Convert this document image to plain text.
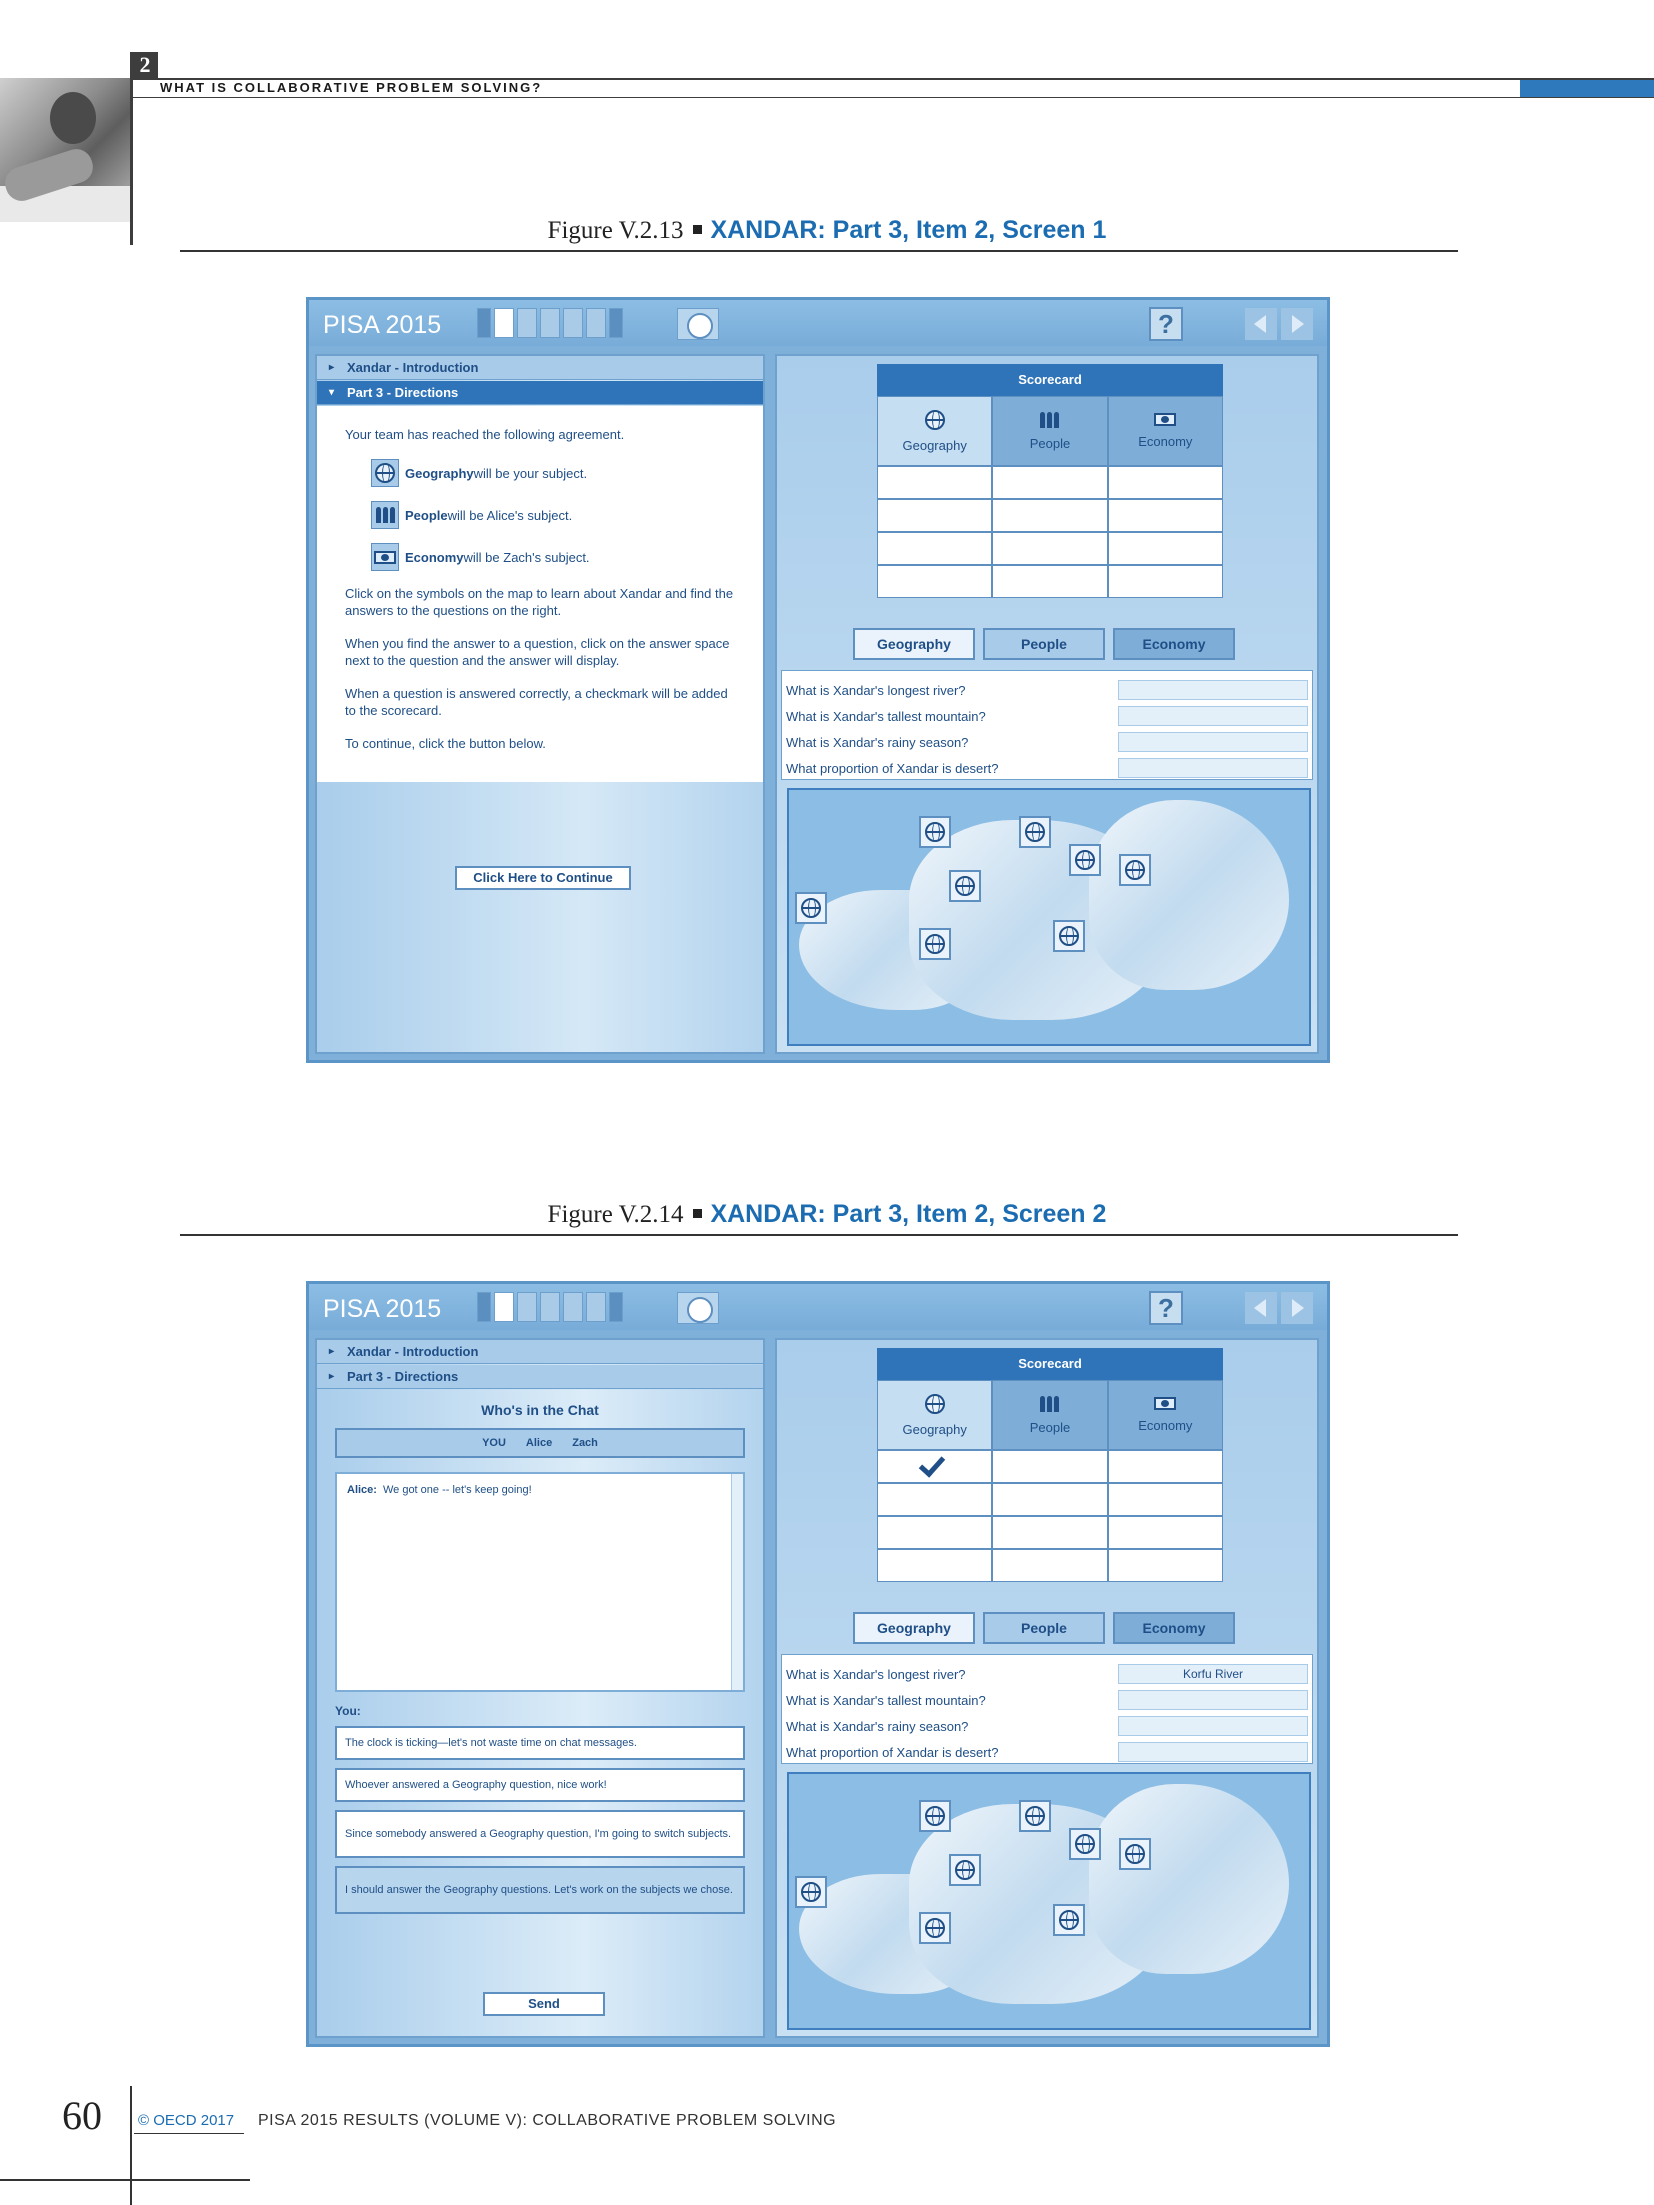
2
WHAT IS COLLABORATIVE PROBLEM SOLVING?
Figure V.2.13 XANDAR: Part 3, Item 2, Screen 1
PISA 2015	?
▸ Xandar - Introduction
▾ Part 3 - Directions

Your team has reached the following agreement.

Geography will be your subject.
People will be Alice's subject.
Economy will be Zach's subject.

Click on the symbols on the map to learn about Xandar and find the answers to the questions on the right.

When you find the answer to a question, click on the answer space next to the question and the answer will display.

When a question is answered correctly, a checkmark will be added to the scorecard.

To continue, click the button below.

Click Here to Continue
Scorecard
Geography	People	Economy
Geography	People	Economy
What is Xandar's longest river?
What is Xandar's tallest mountain?
What is Xandar's rainy season?
What proportion of Xandar is desert?
Figure V.2.14 XANDAR: Part 3, Item 2, Screen 2
PISA 2015	?
▸ Xandar - Introduction
▸ Part 3 - Directions
Who's in the Chat
YOU Alice Zach
Alice: We got one -- let's keep going!
You:
The clock is ticking—let's not waste time on chat messages.
Whoever answered a Geography question, nice work!
Since somebody answered a Geography question, I'm going to switch subjects.
I should answer the Geography questions. Let's work on the subjects we chose.
Send
Scorecard
Geography	People	Economy
Geography	People	Economy
What is Xandar's longest river?	Korfu River
What is Xandar's tallest mountain?
What is Xandar's rainy season?
What proportion of Xandar is desert?
60 © OECD 2017 PISA 2015 RESULTS (VOLUME V): COLLABORATIVE PROBLEM SOLVING
